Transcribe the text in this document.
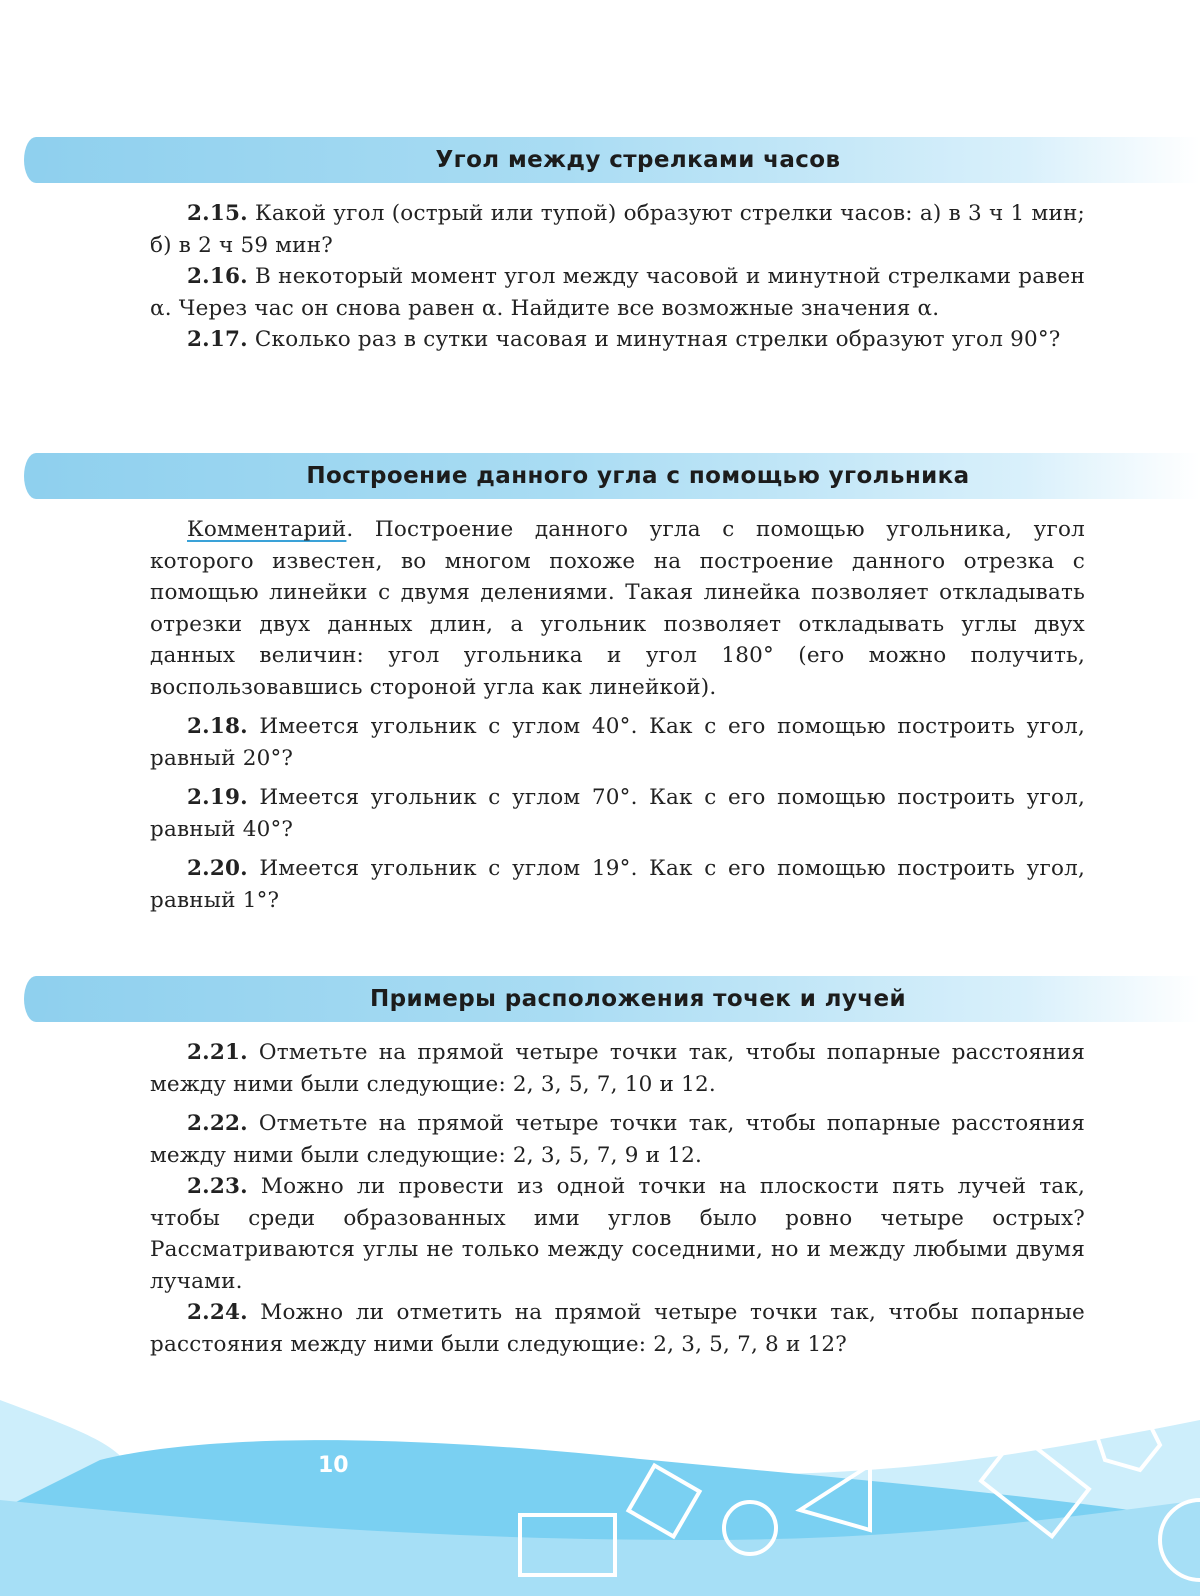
Угол между стрелками часов

2.15. Какой угол (острый или тупой) образуют стрелки часов: а) в 3 ч 1 мин; б) в 2 ч 59 мин?

2.16. В некоторый момент угол между часовой и минутной стрелками равен α. Через час он снова равен α. Найдите все возможные значения α.

2.17. Сколько раз в сутки часовая и минутная стрелки образуют угол 90°?

Построение данного угла с помощью угольника

Комментарий. Построение данного угла с помощью угольника, угол которого известен, во многом похоже на построение данного отрезка с помощью линейки с двумя делениями. Такая линейка позволяет откладывать отрезки двух данных длин, а угольник позволяет откладывать углы двух данных величин: угол угольника и угол 180° (его можно получить, воспользовавшись стороной угла как линейкой).

2.18. Имеется угольник с углом 40°. Как с его помощью построить угол, равный 20°?

2.19. Имеется угольник с углом 70°. Как с его помощью построить угол, равный 40°?

2.20. Имеется угольник с углом 19°. Как с его помощью построить угол, равный 1°?

Примеры расположения точек и лучей

2.21. Отметьте на прямой четыре точки так, чтобы попарные расстояния между ними были следующие: 2, 3, 5, 7, 10 и 12.

2.22. Отметьте на прямой четыре точки так, чтобы попарные расстояния между ними были следующие: 2, 3, 5, 7, 9 и 12.

2.23. Можно ли провести из одной точки на плоскости пять лучей так, чтобы среди образованных ими углов было ровно четыре острых? Рассматриваются углы не только между соседними, но и между любыми двумя лучами.

2.24. Можно ли отметить на прямой четыре точки так, чтобы попарные расстояния между ними были следующие: 2, 3, 5, 7, 8 и 12?

10
